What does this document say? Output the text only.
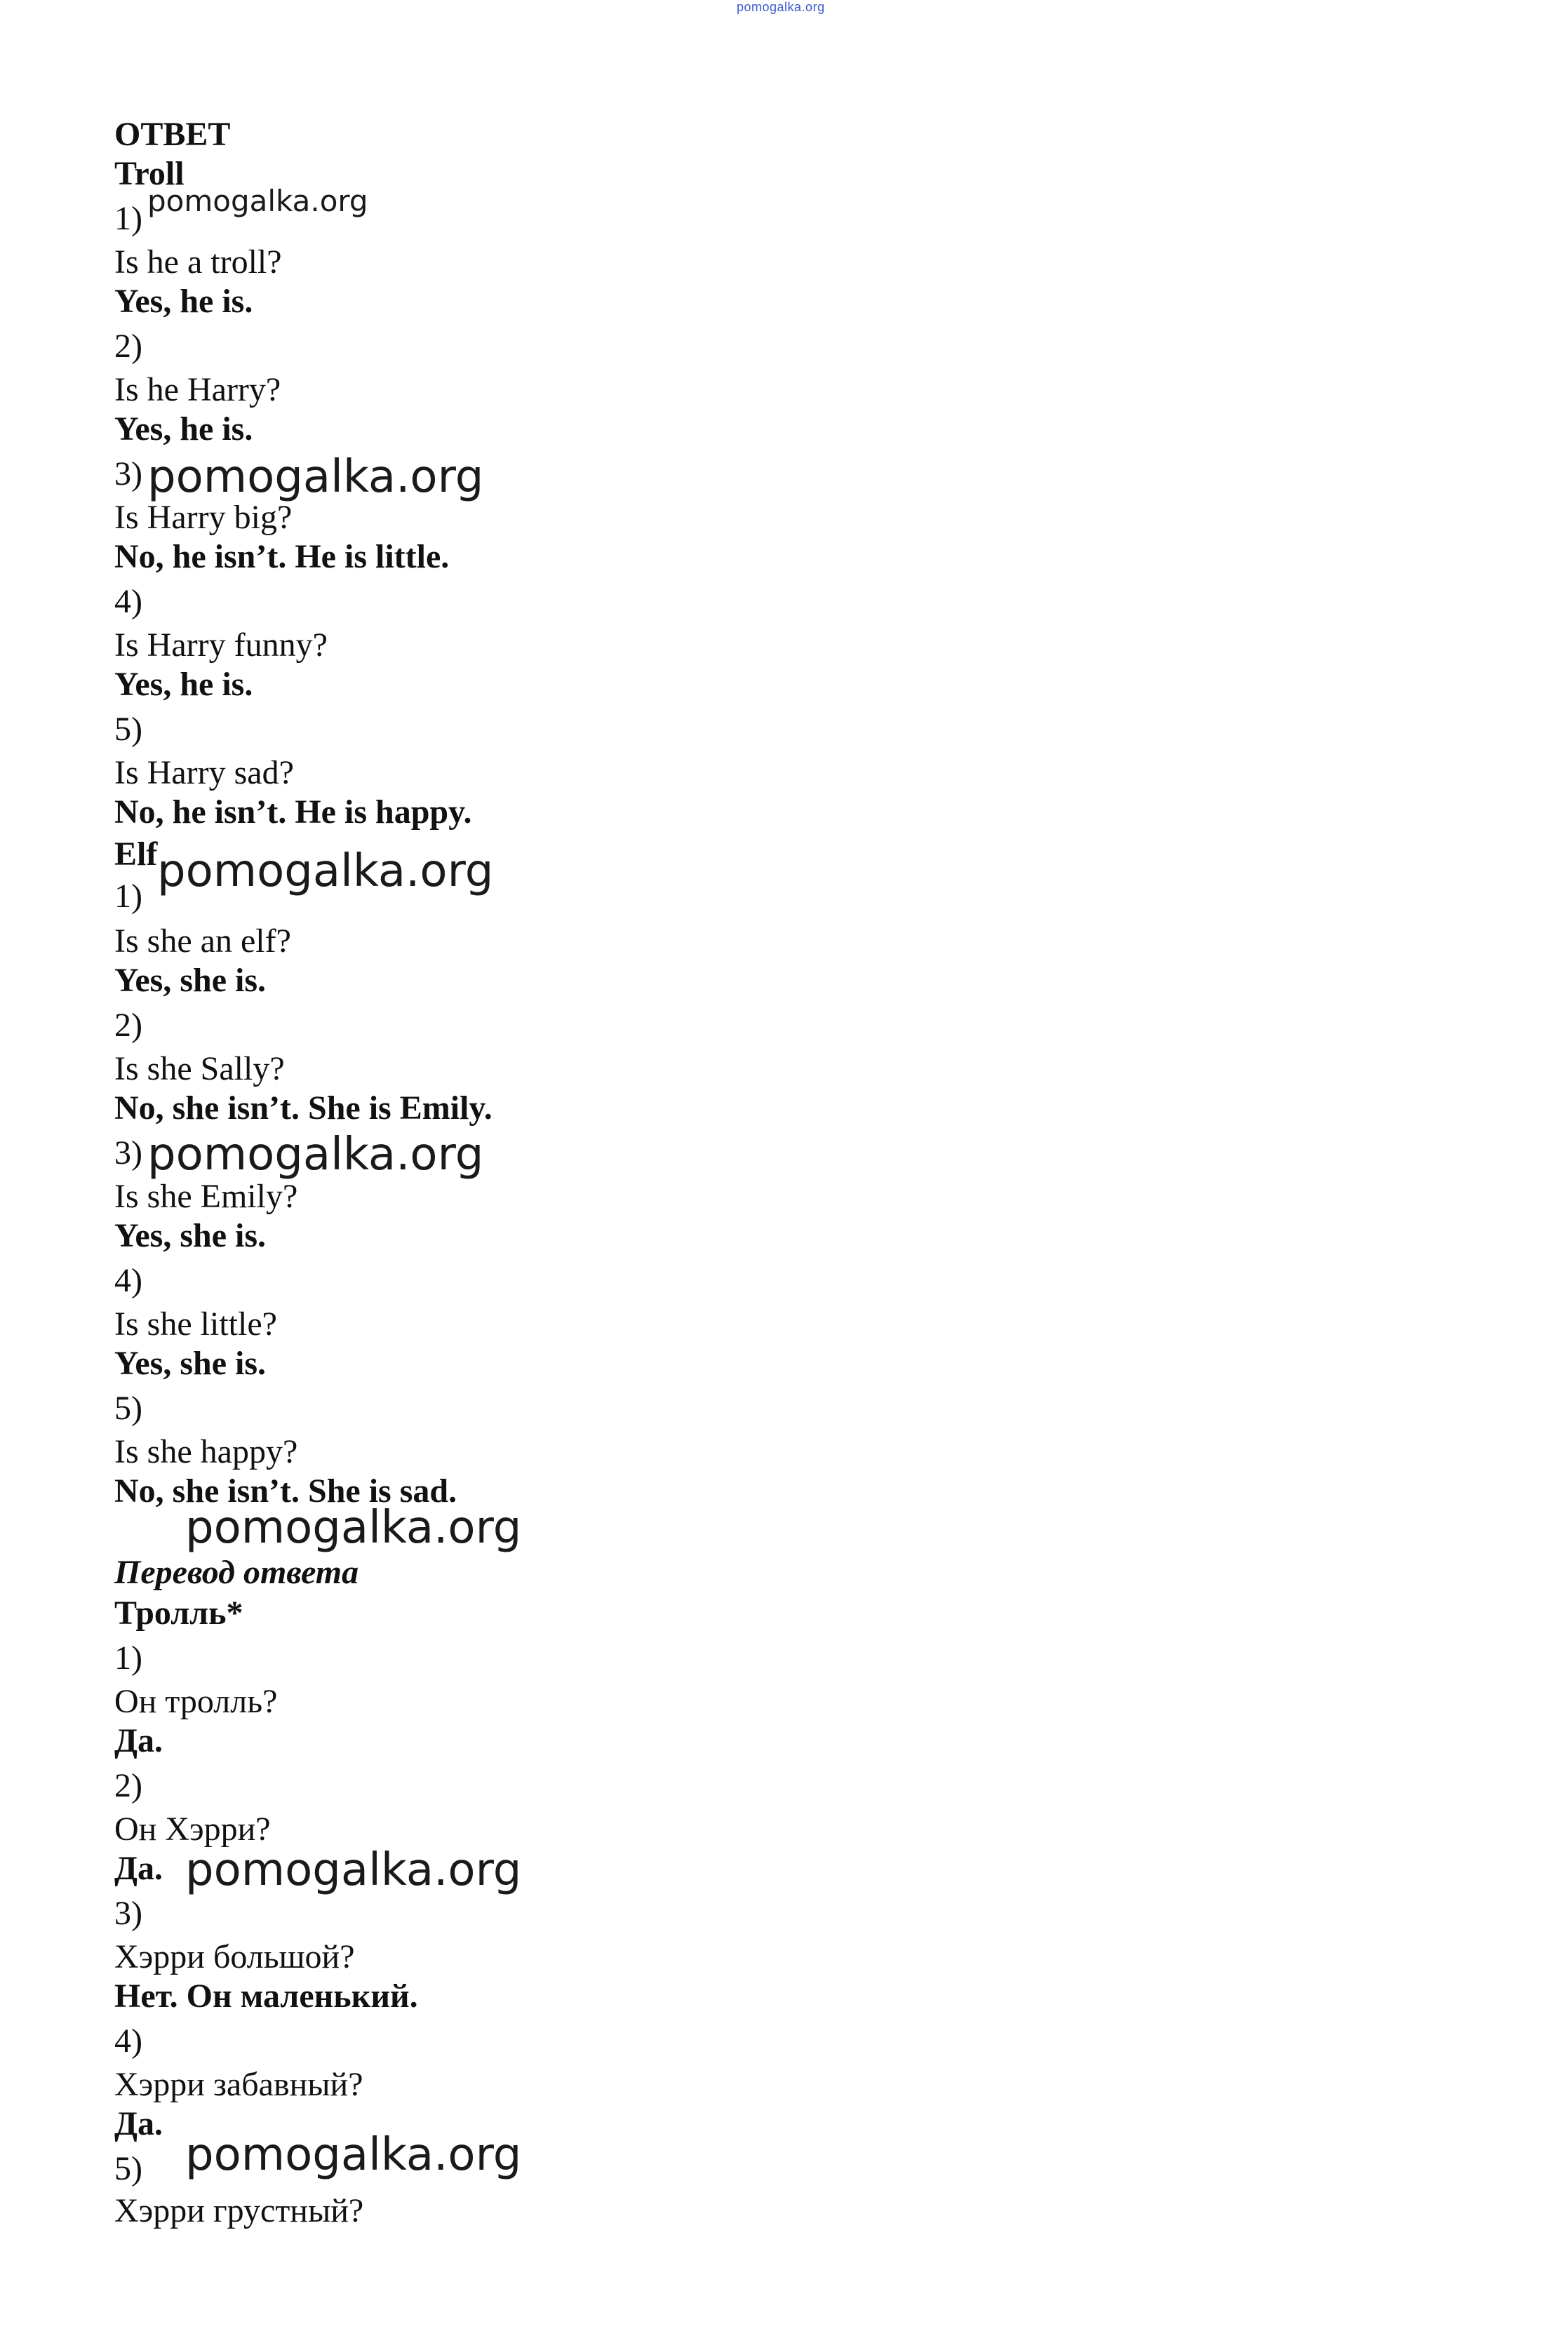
pomogalka.org
ОТВЕТ
Troll
1)
Is he a troll?
Yes, he is.
2)
Is he Harry?
Yes, he is.
3)
Is Harry big?
No, he isn’t. He is little.
4)
Is Harry funny?
Yes, he is.
5)
Is Harry sad?
No, he isn’t. He is happy.
Elf
1)
Is she an elf?
Yes, she is.
2)
Is she Sally?
No, she isn’t. She is Emily.
3)
Is she Emily?
Yes, she is.
4)
Is she little?
Yes, she is.
5)
Is she happy?
No, she isn’t. She is sad.
Перевод ответа
Тролль*
1)
Он тролль?
Да.
2)
Он Хэрри?
Да.
3)
Хэрри большой?
Нет. Он маленький.
4)
Хэрри забавный?
Да.
5)
Хэрри грустный?
pomogalka.org
pomogalka.org
pomogalka.org
pomogalka.org
pomogalka.org
pomogalka.org
pomogalka.org
